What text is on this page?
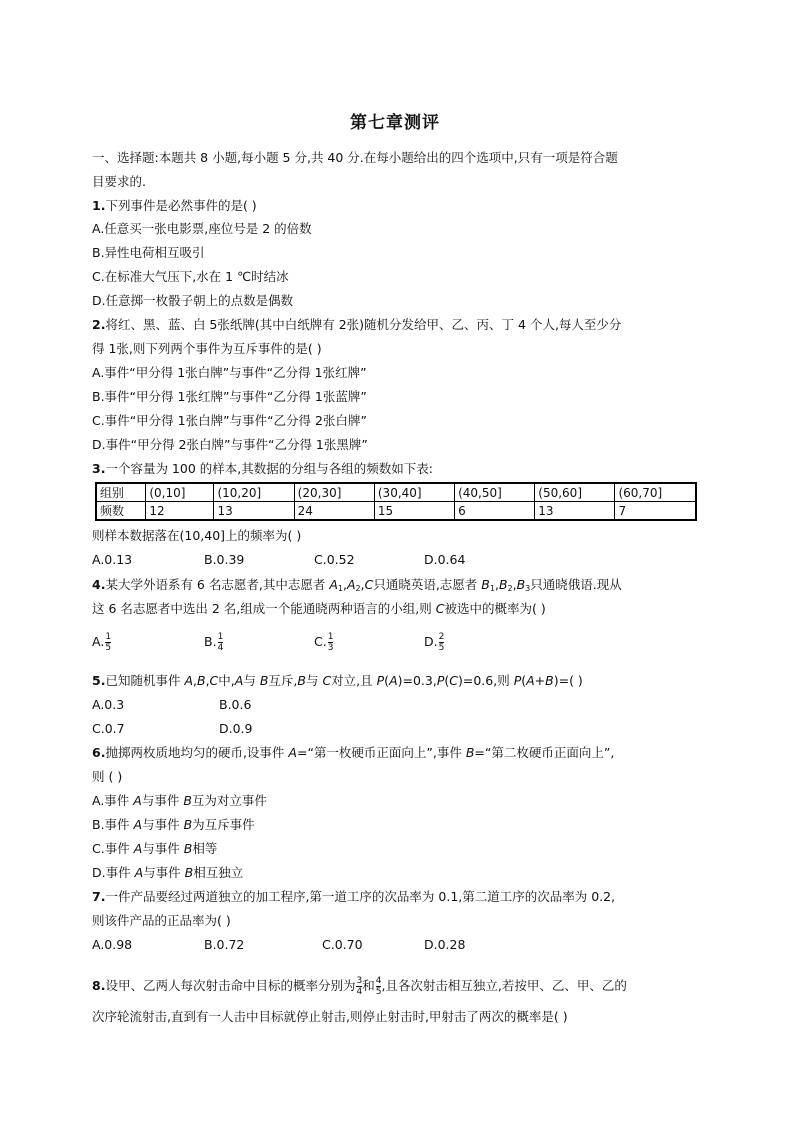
第七章测评
一、选择题:本题共 8 小题,每小题 5 分,共 40 分.在每小题给出的四个选项中,只有一项是符合题
目要求的.
1.下列事件是必然事件的是( )
A.任意买一张电影票,座位号是 2 的倍数
B.异性电荷相互吸引
C.在标准大气压下,水在 1 ℃时结冰
D.任意掷一枚骰子朝上的点数是偶数
2.将红、黑、蓝、白 5张纸牌(其中白纸牌有 2张)随机分发给甲、乙、丙、丁 4 个人,每人至少分
得 1张,则下列两个事件为互斥事件的是( )
A.事件“甲分得 1张白牌”与事件“乙分得 1张红牌”
B.事件“甲分得 1张红牌”与事件“乙分得 1张蓝牌”
C.事件“甲分得 1张白牌”与事件“乙分得 2张白牌”
D.事件“甲分得 2张白牌”与事件“乙分得 1张黑牌”
3.一个容量为 100 的样本,其数据的分组与各组的频数如下表:
组别	(0,10]	(10,20]	(20,30]	(30,40]	(40,50]	(50,60]	(60,70]
频数	12	13	24	15	6	13	7
则样本数据落在(10,40]上的频率为( )
A.0.13	B.0.39	C.0.52	D.0.64
4.某大学外语系有 6 名志愿者,其中志愿者 $A_1,A_2,C$只通晓英语,志愿者 $B_1,B_2,B_3$只通晓俄语.现从
这 6 名志愿者中选出 2 名,组成一个能通晓两种语言的小组,则 C被选中的概率为( )
A. $\frac{1}{5}$	B. $\frac{1}{4}$	C. $\frac{1}{3}$	D. $\frac{2}{5}$
5.已知随机事件 A,B,C中,A与 B互斥,B与 C对立,且 P(A)=0.3,P(C)=0.6,则 P(A+B)=( )
A.0.3	B.0.6
C.0.7	D.0.9
6.抛掷两枚质地均匀的硬币,设事件 A=“第一枚硬币正面向上”,事件 B=“第二枚硬币正面向上”,
则 ( )
A.事件 A与事件 B互为对立事件
B.事件 A与事件 B为互斥事件
C.事件 A与事件 B相等
D.事件 A与事件 B相互独立
7.一件产品要经过两道独立的加工程序,第一道工序的次品率为 0.1,第二道工序的次品率为 0.2,
则该件产品的正品率为( )
A.0.98	B.0.72	C.0.70	D.0.28
8.设甲、乙两人每次射击命中目标的概率分别为 $\frac{3}{4}$ 和 $\frac{4}{5}$ ,且各次射击相互独立,若按甲、乙、甲、乙的
次序轮流射击,直到有一人击中目标就停止射击,则停止射击时,甲射击了两次的概率是( )
